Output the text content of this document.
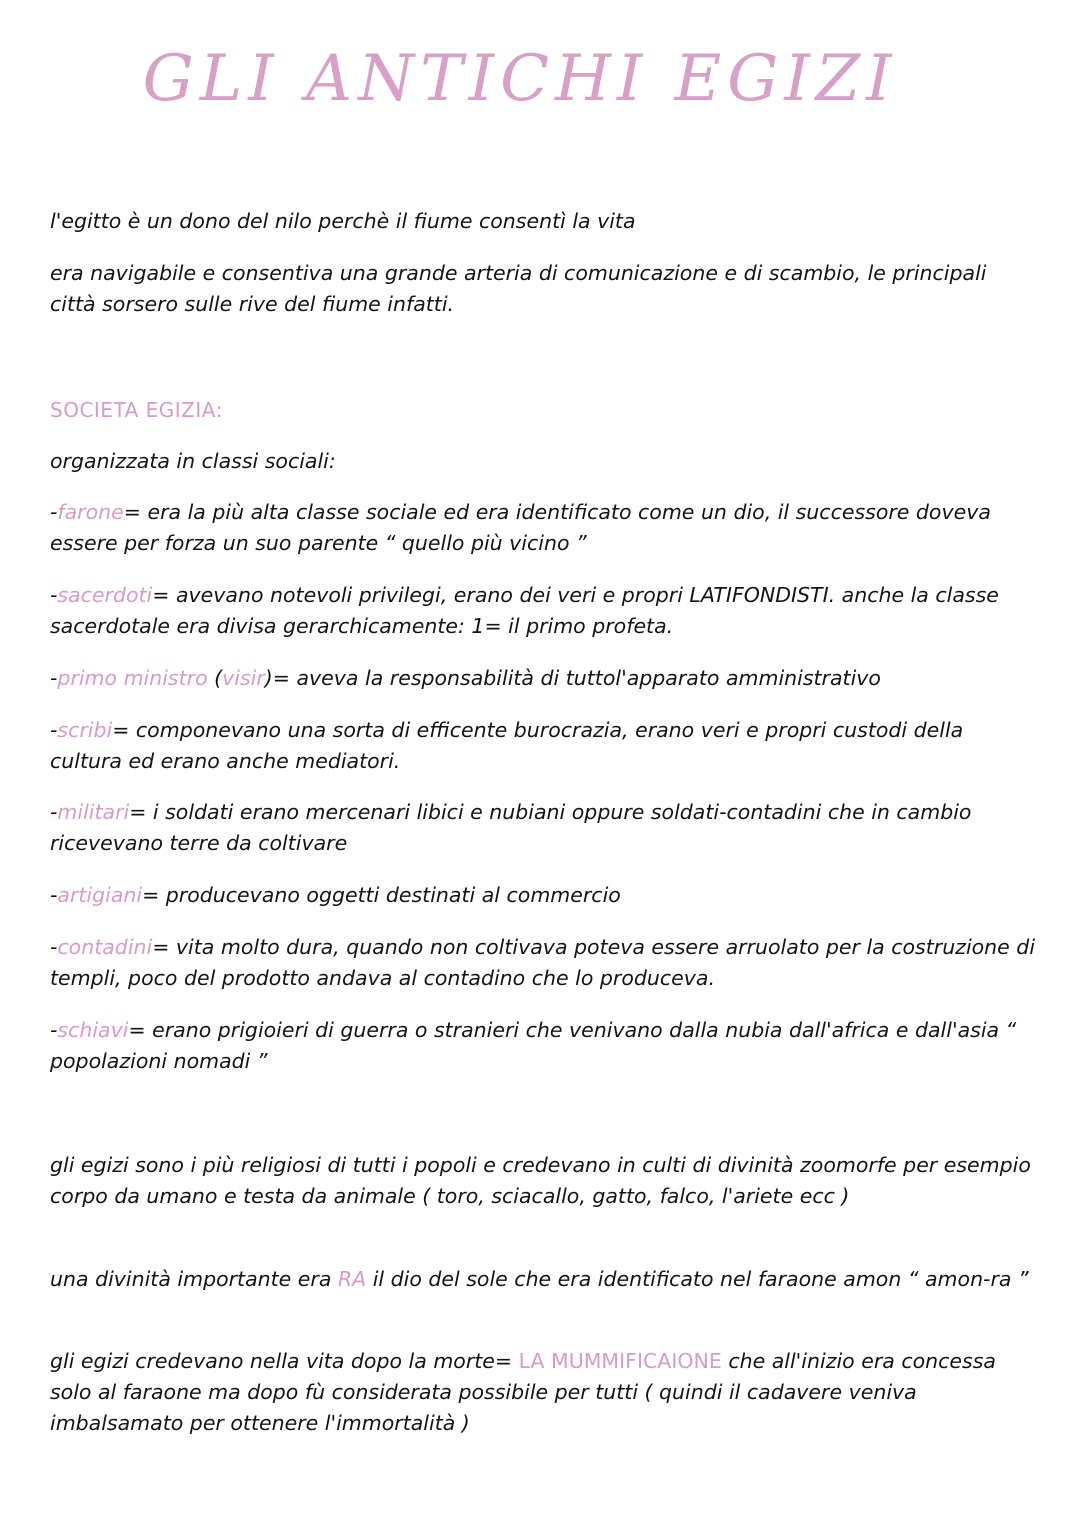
GLI ANTICHI EGIZI

l'egitto è un dono del nilo perchè il fiume consentì la vita

era navigabile e consentiva una grande arteria di comunicazione e di scambio, le principali città sorsero sulle rive del fiume infatti.

SOCIETA EGIZIA:

organizzata in classi sociali:

-farone= era la più alta classe sociale ed era identificato come un dio, il successore doveva essere per forza un suo parente “ quello più vicino ”

-sacerdoti= avevano notevoli privilegi, erano dei veri e propri LATIFONDISTI. anche la classe sacerdotale era divisa gerarchicamente: 1= il primo profeta.

-primo ministro (visir)= aveva la responsabilità di tuttol'apparato amministrativo

-scribi= componevano una sorta di efficente burocrazia, erano veri e propri custodi della cultura ed erano anche mediatori.

-militari= i soldati erano mercenari libici e nubiani oppure soldati-contadini che in cambio ricevevano terre da coltivare

-artigiani= producevano oggetti destinati al commercio

-contadini= vita molto dura, quando non coltivava poteva essere arruolato per la costruzione di templi, poco del prodotto andava al contadino che lo produceva.

-schiavi= erano prigioieri di guerra o stranieri che venivano dalla nubia dall'africa e dall'asia “ popolazioni nomadi ”

gli egizi sono i più religiosi di tutti i popoli e credevano in culti di divinità zoomorfe per esempio corpo da umano e testa da animale ( toro, sciacallo, gatto, falco, l'ariete ecc )

una divinità importante era RA il dio del sole che era identificato nel faraone amon “ amon-ra ”

gli egizi credevano nella vita dopo la morte= LA MUMMIFICAIONE che all'inizio era concessa solo al faraone ma dopo fù considerata possibile per tutti ( quindi il cadavere veniva imbalsamato per ottenere l'immortalità )
